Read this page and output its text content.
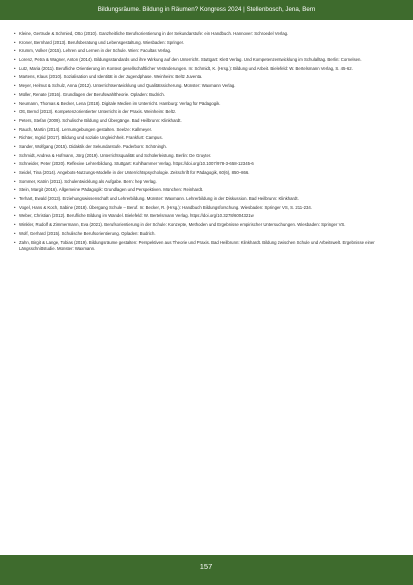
Bildungsräume. Bildung in Räumen? Kongress 2024 | Stellenbosch, Jena, Bern
• Kleine, Gertrude & Schmied, Otto (2010). Ganzheitliche Berufsorientierung in der Sekundarstufe: ein Handbuch. Hannover: Schroedel Verlag.
• Kroner, Bernhard (2013). Berufsberatung und Lebensgestaltung. Wiesbaden: Springer.
• Krumm, Volker (2015). Lehren und Lernen in der Schule. Wien: Facultas Verlag.
• Lorenz, Petra & Wagner, Anton (2014). Bildungsstandards und ihre Wirkung auf den Unterricht. Stuttgart: Klett Verlag. Und Kompetenzentwicklung im Schulalltag. Berlin: Cornelsen.
• Lutz, Maria (2011). Berufliche Orientierung im Kontext gesellschaftlicher Veränderungen. In: Schmidt, K. (Hrsg.): Bildung und Arbeit. Bielefeld: W. Bertelsmann Verlag, S. 45-62.
• Martens, Klaus (2010). Sozialisation und Identität in der Jugendphase. Weinheim: Beltz Juventa.
• Meyer, Helmut & Schulz, Anna (2012). Unterrichtsentwicklung und Qualitätssicherung. Münster: Waxmann Verlag.
• Müller, Renate (2016). Grundlagen der Berufswahltheorie. Opladen: Budrich.
• Neumann, Thomas & Becker, Lena (2018). Digitale Medien im Unterricht. Hamburg: Verlag für Pädagogik.
• Ott, Bernd (2013). Kompetenzorientierter Unterricht in der Praxis. Weinheim: Beltz.
• Peters, Stefan (2009). Schulische Bildung und Übergänge. Bad Heilbrunn: Klinkhardt.
• Rauch, Martin (2014). Lernumgebungen gestalten. Seelze: Kallmeyer.
• Richter, Ingrid (2017). Bildung und soziale Ungleichheit. Frankfurt: Campus.
• Sander, Wolfgang (2015). Didaktik der Sekundarstufe. Paderborn: Schöningh.
• Schmidt, Andrea & Hofmann, Jörg (2019). Unterrichtsqualität und Schülerleistung. Berlin: De Gruyter.
• Schneider, Peter (2020). Reflexive Lehrerbildung. Stuttgart: Kohlhammer Verlag. https://doi.org/10.1007/978-3-658-12345-6
• Seidel, Tina (2014). Angebots-Nutzungs-Modelle in der Unterrichtspsychologie. Zeitschrift für Pädagogik, 60(6), 850–866.
• Sommer, Katrin (2011). Schulentwicklung als Aufgabe. Bern: hep Verlag.
• Stein, Margit (2016). Allgemeine Pädagogik: Grundlagen und Perspektiven. München: Reinhardt.
• Terhart, Ewald (2013). Erziehungswissenschaft und Lehrerbildung. Münster: Waxmann. Lehrerbildung in der Diskussion. Bad Heilbrunn: Klinkhardt.
• Vogel, Hans & Koch, Sabine (2018). Übergang Schule – Beruf. In: Becker, R. (Hrsg.): Handbuch Bildungsforschung. Wiesbaden: Springer VS, S. 211-234.
• Weber, Christian (2012). Berufliche Bildung im Wandel. Bielefeld: W. Bertelsmann Verlag. https://doi.org/10.3278/6004321w
• Winkler, Rudolf & Zimmermann, Eva (2021). Berufsorientierung in der Schule: Konzepte, Methoden und Ergebnisse empirischer Untersuchungen. Wiesbaden: Springer VS.
• Wolf, Gerhard (2015). Schulische Berufsorientierung. Opladen: Budrich.
• Zahn, Birgit & Lange, Tobias (2019). Bildungsräume gestalten: Perspektiven aus Theorie und Praxis. Bad Heilbrunn: Klinkhardt. Bildung zwischen Schule und Arbeitswelt. Ergebnisse einer Längsschnittstudie. Münster: Waxmann.
157
